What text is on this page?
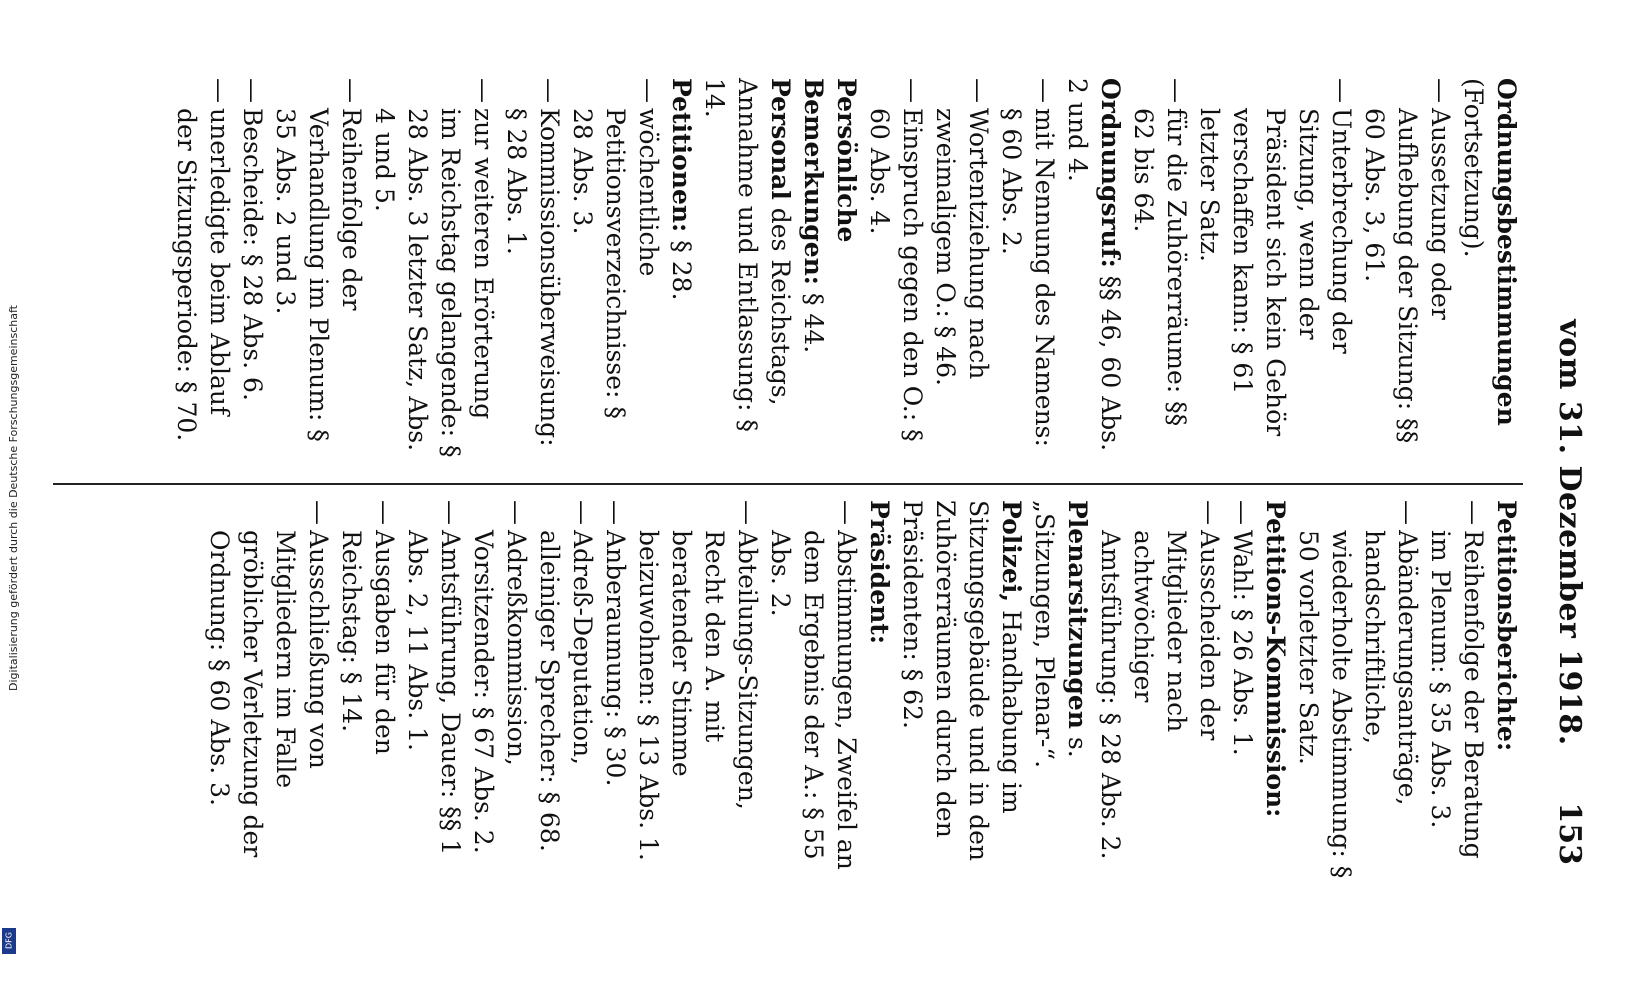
vom 31. Dezember 1918.
153

Ordnungsbestimmungen (Fortsetzung).

— Aussetzung oder Aufhebung der Sitzung: §§ 60 Abs. 3, 61.

— Unterbrechung der Sitzung, wenn der Präsident sich kein Gehör verschaffen kann: § 61 letzter Satz.

— für die Zuhörerräume: §§ 62 bis 64.

Ordnungsruf: §§ 46, 60 Abs. 2 und 4.

— mit Nennung des Namens: § 60 Abs. 2.

— Wortentziehung nach zweimaligem O.: § 46.

— Einspruch gegen den O.: § 60 Abs. 4.

Persönliche Bemerkungen: § 44.

Personal des Reichstags, Annahme und Entlassung: § 14.

Petitionen: § 28.

— wöchentliche Petitionsverzeichnisse: § 28 Abs. 3.

— Kommissionsüberweisung: § 28 Abs. 1.

— zur weiteren Erörterung im Reichstag gelangende: § 28 Abs. 3 letzter Satz, Abs. 4 und 5.

— Reihenfolge der Verhandlung im Plenum: § 35 Abs. 2 und 3.

— Bescheide: § 28 Abs. 6.

— unerledigte beim Ablauf der Sitzungsperiode: § 70.

Petitionsberichte:

— Reihenfolge der Beratung im Plenum: § 35 Abs. 3.

— Abänderungsanträge, handschriftliche, wiederholte Abstimmung: § 50 vorletzter Satz.

Petitions-Kommission:

— Wahl: § 26 Abs. 1.

— Ausscheiden der Mitglieder nach achtwöchiger Amtsführung: § 28 Abs. 2.

Plenarsitzungen s. „Sitzungen, Plenar-“.

Polizei, Handhabung im Sitzungsgebäude und in den Zuhörerräumen durch den Präsidenten: § 62.

Präsident:

— Abstimmungen, Zweifel an dem Ergebnis der A.: § 55 Abs. 2.

— Abteilungs-Sitzungen, Recht den A. mit beratender Stimme beizuwohnen: § 13 Abs. 1.

— Anberaumung: § 30.

— Adreß-Deputation, alleiniger Sprecher: § 68.

— Adreßkommission, Vorsitzender: § 67 Abs. 2.

— Amtsführung, Dauer: §§ 1 Abs. 2, 11 Abs. 1.

— Ausgaben für den Reichstag: § 14.

— Ausschließung von Mitgliedern im Falle gröblicher Verletzung der Ordnung: § 60 Abs. 3.

Digitalisierung gefördert durch die Deutsche Forschungsgemeinschaft
DFG
